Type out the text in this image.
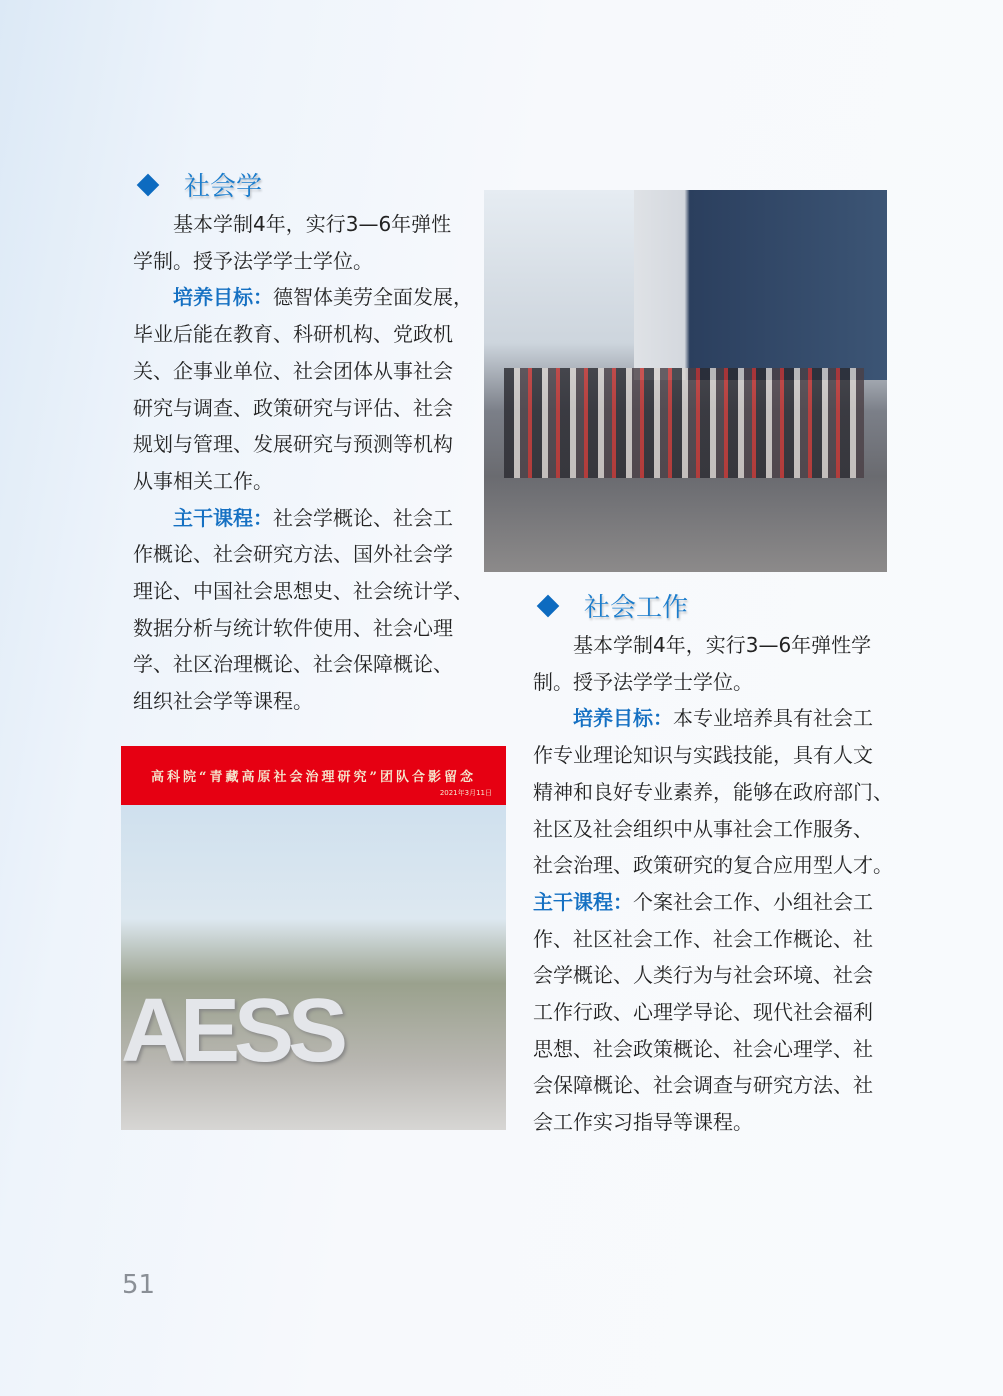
社会学
基本学制4年，实行3—6年弹性
学制。授予法学学士学位。
培养目标：德智体美劳全面发展，
毕业后能在教育、科研机构、党政机
关、企事业单位、社会团体从事社会
研究与调查、政策研究与评估、社会
规划与管理、发展研究与预测等机构
从事相关工作。
主干课程：社会学概论、社会工
作概论、社会研究方法、国外社会学
理论、中国社会思想史、社会统计学、
数据分析与统计软件使用、社会心理
学、社区治理概论、社会保障概论、
组织社会学等课程。
社会工作
基本学制4年，实行3—6年弹性学
制。授予法学学士学位。
培养目标：本专业培养具有社会工
作专业理论知识与实践技能，具有人文
精神和良好专业素养，能够在政府部门、
社区及社会组织中从事社会工作服务、
社会治理、政策研究的复合应用型人才。
主干课程：个案社会工作、小组社会工
作、社区社会工作、社会工作概论、社
会学概论、人类行为与社会环境、社会
工作行政、心理学导论、现代社会福利
思想、社会政策概论、社会心理学、社
会保障概论、社会调查与研究方法、社
会工作实习指导等课程。
高科院“青藏高原社会治理研究”团队合影留念
2021年3月11日
AESS
51
